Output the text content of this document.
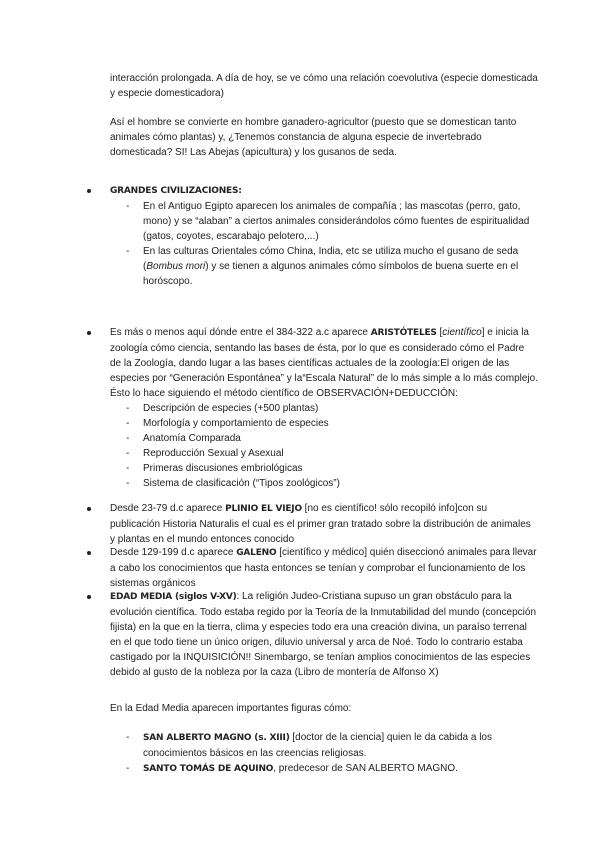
interacción prolongada. A día de hoy, se ve cómo una relación coevolutiva (especie domesticada y especie domesticadora)

Así el hombre se convierte en hombre ganadero-agricultor (puesto que se domestican tanto animales cómo plantas) y, ¿Tenemos constancia de alguna especie de invertebrado domesticada? SI! Las Abejas (apicultura) y los gusanos de seda.

GRANDES CIVILIZACIONES:
- En el Antiguo Egipto aparecen los animales de compañía ; las mascotas (perro, gato, mono) y se “alaban” a ciertos animales considerándolos cómo fuentes de espiritualidad (gatos, coyotes, escarabajo pelotero,...)
- En las culturas Orientales cómo China, India, etc se utiliza mucho el gusano de seda (Bombus mori) y se tienen a algunos animales cómo símbolos de buena suerte en el horóscopo.
Es más o menos aquí dónde entre el 384-322 a.c aparece ARISTÓTELES [científico] e inicia la zoología cómo ciencia, sentando las bases de ésta, por lo que es considerado cómo el Padre de la Zoología, dando lugar a las bases científicas actuales de la zoología:El origen de las especies por “Generación Espontánea” y la“Escala Natural” de lo más simple a lo más complejo. Ésto lo hace siguiendo el método científico de OBSERVACIÓN+DEDUCCIÓN:
- Descripción de especies (+500 plantas)
- Morfología y comportamiento de especies
- Anatomía Comparada
- Reproducción Sexual y Asexual
- Primeras discusiones embriológicas
- Sistema de clasificación (“Tipos zoológicos”)
Desde 23-79 d.c aparece PLINIO EL VIEJO [no es científico! sólo recopiló info]con su publicación Historia Naturalis el cual es el primer gran tratado sobre la distribución de animales y plantas en el mundo entonces conocido
Desde 129-199 d.c aparece GALENO [científico y médico] quién diseccionó animales para llevar a cabo los conocimientos que hasta entonces se tenían y comprobar el funcionamiento de los sistemas orgánicos
EDAD MEDIA (siglos V-XV): La religión Judeo-Cristiana supuso un gran obstáculo para la evolución científica. Todo estaba regido por la Teoría de la Inmutabilidad del mundo (concepción fijista) en la que en la tierra, clima y especies todo era una creación divina, un paraíso terrenal en el que todo tiene un único origen, diluvio universal y arca de Noé. Todo lo contrario estaba castigado por la INQUISICIÓN!! Sinembargo, se tenían amplios conocimientos de las especies debido al gusto de la nobleza por la caza (Libro de montería de Alfonso X)

En la Edad Media aparecen importantes figuras cómo:

- SAN ALBERTO MAGNO (s. XIII) [doctor de la ciencia] quien le da cabida a los conocimientos básicos en las creencias religiosas.
- SANTO TOMÁS DE AQUINO, predecesor de SAN ALBERTO MAGNO.
